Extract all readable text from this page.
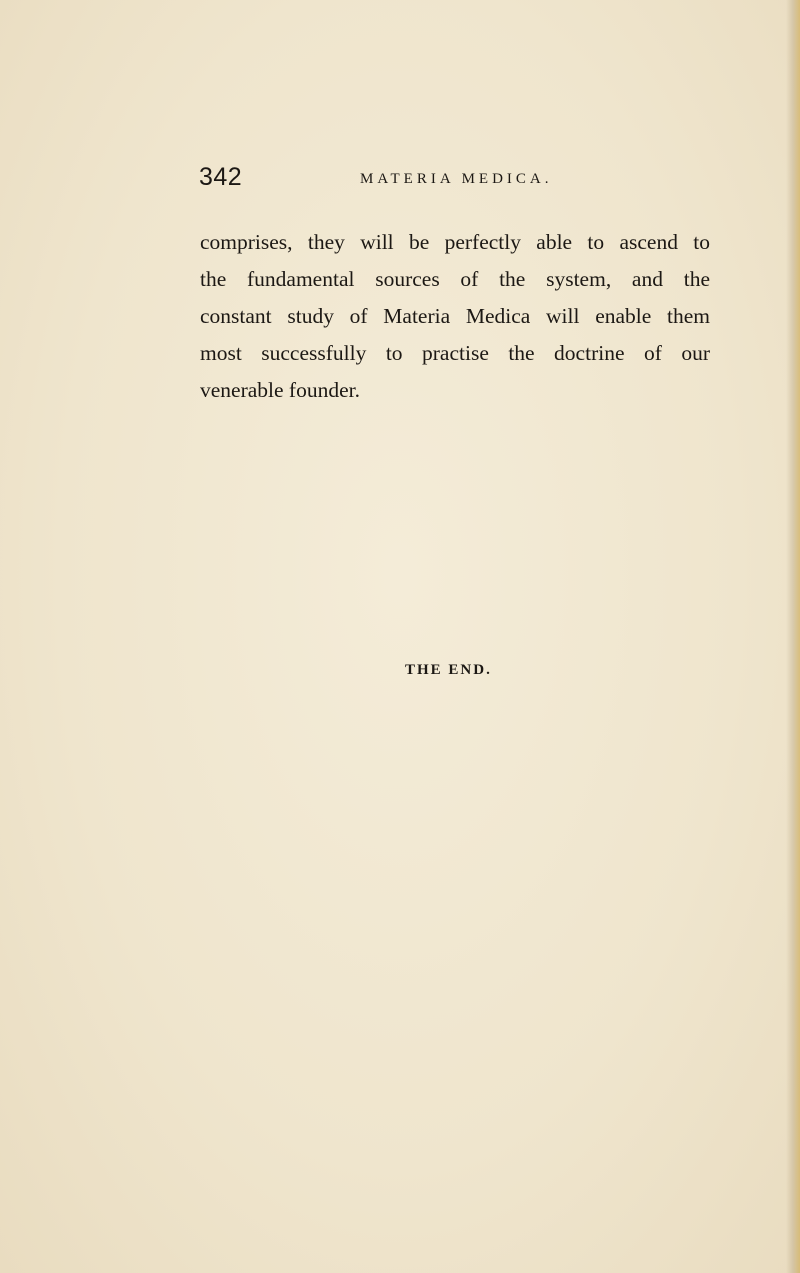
342	MATERIA MEDICA.
comprises, they will be perfectly able to ascend to
the fundamental sources of the system, and the
constant study of Materia Medica will enable them
most successfully to practise the doctrine of our
venerable founder.
THE END.
